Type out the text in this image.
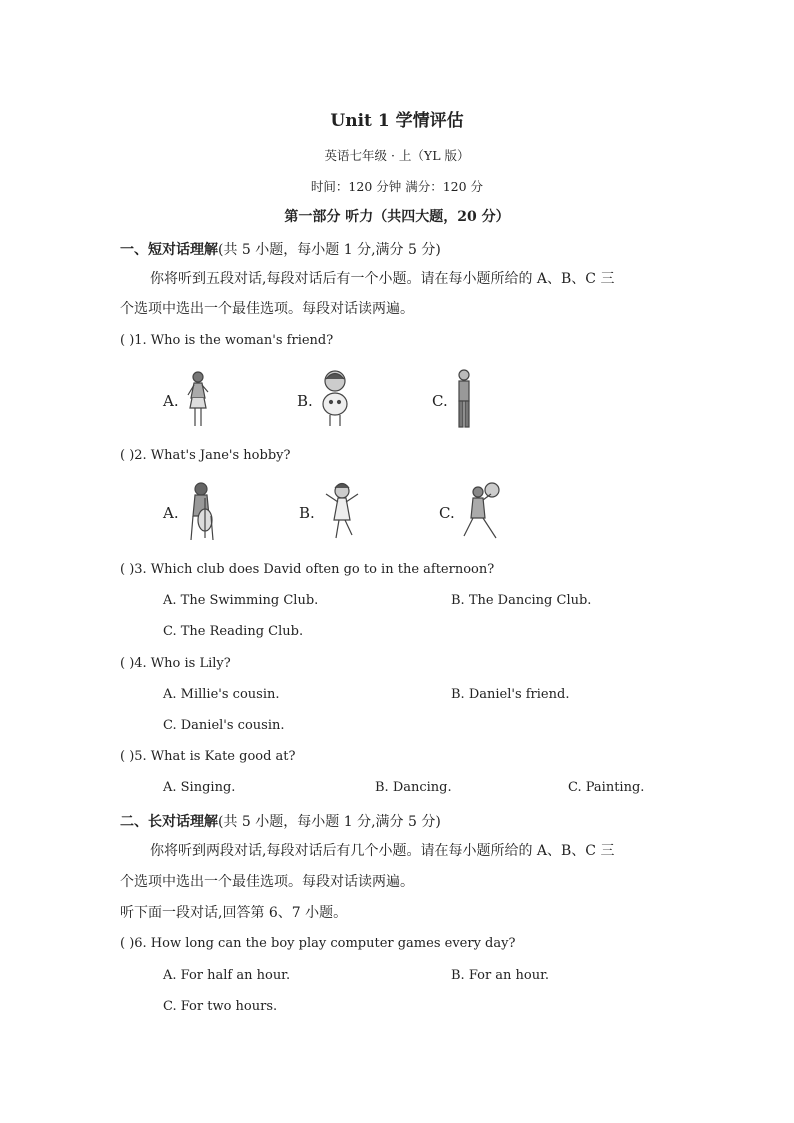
Unit 1 学情评估
英语七年级 · 上（YL 版）
时间：120 分钟 满分：120 分
第一部分 听力（共四大题，20 分）
一、短对话理解(共 5 小题，每小题 1 分,满分 5 分)
你将听到五段对话,每段对话后有一个小题。请在每小题所给的 A、B、C 三
个选项中选出一个最佳选项。每段对话读两遍。
( )1. Who is the woman's friend?
A.	B.	C.
( )2. What's Jane's hobby?
A.	B.	C.
( )3. Which club does David often go to in the afternoon?
A. The Swimming Club.	B. The Dancing Club.
C. The Reading Club.
( )4. Who is Lily?
A. Millie's cousin.	B. Daniel's friend.
C. Daniel's cousin.
( )5. What is Kate good at?
A. Singing.	B. Dancing.	C. Painting.
二、长对话理解(共 5 小题，每小题 1 分,满分 5 分)
你将听到两段对话,每段对话后有几个小题。请在每小题所给的 A、B、C 三
个选项中选出一个最佳选项。每段对话读两遍。
听下面一段对话,回答第 6、7 小题。
( )6. How long can the boy play computer games every day?
A. For half an hour.	B. For an hour.
C. For two hours.
